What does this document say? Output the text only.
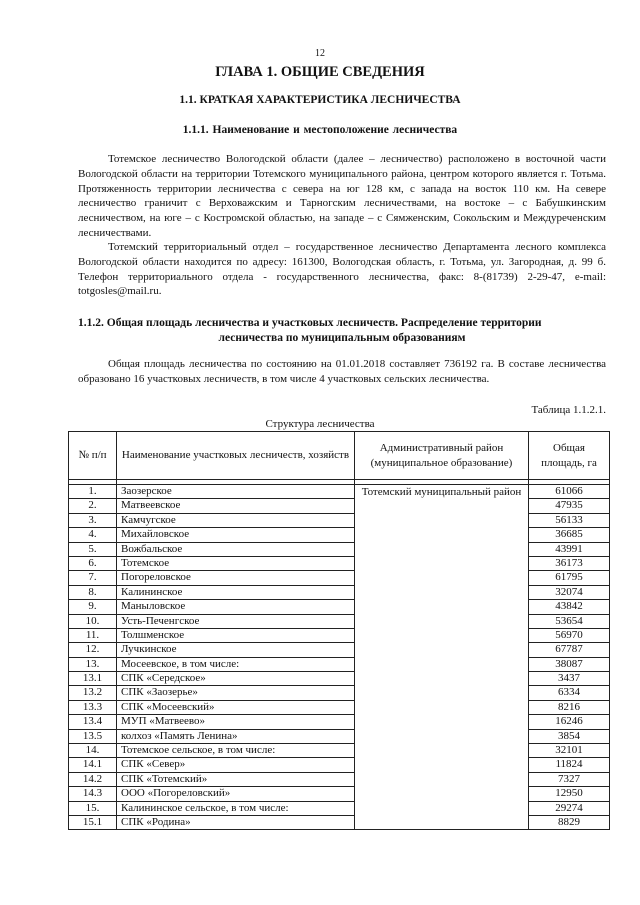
12
ГЛАВА 1. ОБЩИЕ СВЕДЕНИЯ
1.1. КРАТКАЯ ХАРАКТЕРИСТИКА ЛЕСНИЧЕСТВА
1.1.1. Наименование и местоположение лесничества

Тотемское лесничество Вологодской области (далее – лесничество) расположено в восточной части Вологодской области на территории Тотемского муниципального района, центром которого является г. Тотьма. Протяженность территории лесничества с севера на юг 128 км, с запада на восток 110 км. На севере лесничество граничит с Верховажским и Тарногским лесничествами, на востоке – с Бабушкинским лесничеством, на юге – с Костромской областью, на западе – с Сямженским, Сокольским и Междуреченским лесничествами.

Тотемский территориальный отдел – государственное лесничество Департамента лесного комплекса Вологодской области находится по адресу: 161300, Вологодская область, г. Тотьма, ул. Загородная, д. 99 б. Телефон территориального отдела - государственного лесничества, факс: 8-(81739) 2-29-47, e-mail: totgosles@mail.ru.

1.1.2. Общая площадь лесничества и участковых лесничеств. Распределение территории
лесничества по муниципальным образованиям

Общая площадь лесничества по состоянию на 01.01.2018 составляет 736192 га. В составе лесничества образовано 16 участковых лесничеств, в том числе 4 участковых сельских лесничества.

Таблица 1.1.2.1.
Структура лесничества
№ п/п	Наименование участковых лесничеств, хозяйств	Административный район (муниципальное образование)	Общая площадь, га

1.	Заозерское	Тотемский муниципальный район	61066
2.	Матвеевское		47935
3.	Камчугское		56133
4.	Михайловское		36685
5.	Вожбальское		43991
6.	Тотемское		36173
7.	Погореловское		61795
8.	Калининское		32074
9.	Маныловское		43842
10.	Усть-Печенгское		53654
11.	Толшменское		56970
12.	Лучкинское		67787
13.	Мосеевское, в том числе:		38087
13.1	СПК «Середское»		3437
13.2	СПК «Заозерье»		6334
13.3	СПК «Мосеевский»		8216
13.4	МУП «Матвеево»		16246
13.5	колхоз «Память Ленина»		3854
14.	Тотемское сельское, в том числе:		32101
14.1	СПК «Север»		11824
14.2	СПК «Тотемский»		7327
14.3	ООО «Погореловский»		12950
15.	Калининское сельское, в том числе:		29274
15.1	СПК «Родина»		8829
